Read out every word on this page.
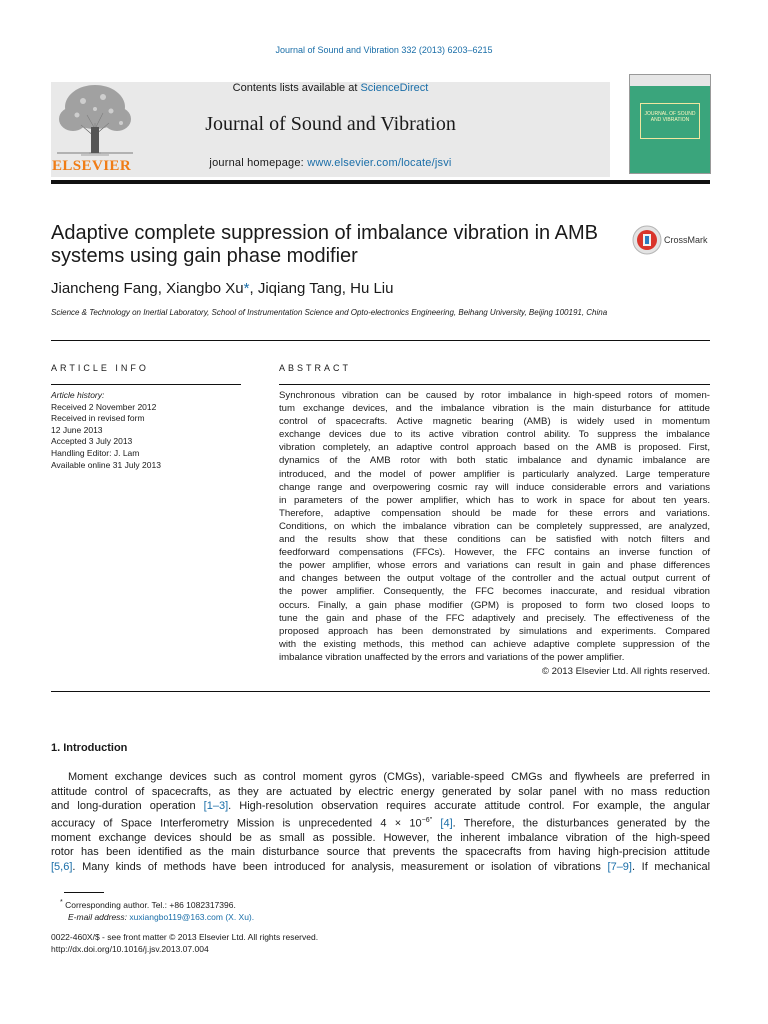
Journal of Sound and Vibration 332 (2013) 6203–6215
Contents lists available at ScienceDirect
Journal of Sound and Vibration
journal homepage: www.elsevier.com/locate/jsvi
ELSEVIER
JOURNAL OF SOUND AND VIBRATION
Adaptive complete suppression of imbalance vibration in AMB systems using gain phase modifier
CrossMark
Jiancheng Fang, Xiangbo Xu*, Jiqiang Tang, Hu Liu
Science & Technology on Inertial Laboratory, School of Instrumentation Science and Opto-electronics Engineering, Beihang University, Beijing 100191, China
ARTICLE INFO
Article history:
Received 2 November 2012
Received in revised form
12 June 2013
Accepted 3 July 2013
Handling Editor: J. Lam
Available online 31 July 2013
ABSTRACT
Synchronous vibration can be caused by rotor imbalance in high-speed rotors of momen-
tum exchange devices, and the imbalance vibration is the main disturbance for attitude
control of spacecrafts. Active magnetic bearing (AMB) is widely used in momentum
exchange devices due to its active vibration control ability. To suppress the imbalance
vibration completely, an adaptive control approach based on the AMB is proposed. First,
dynamics of the AMB rotor with both static imbalance and dynamic imbalance are
introduced, and the model of power amplifier is particularly analyzed. Large temperature
change range and overpowering cosmic ray will induce considerable errors and variations
in parameters of the power amplifier, which has to work in space for about ten years.
Therefore, adaptive compensation should be made for these errors and variations.
Conditions, on which the imbalance vibration can be completely suppressed, are analyzed,
and the results show that these conditions can be satisfied with notch filters and
feedforward compensations (FFCs). However, the FFC contains an inverse function of
the power amplifier, whose errors and variations can result in gain and phase differences
and changes between the output voltage of the controller and the actual output current of
the power amplifier. Consequently, the FFC becomes inaccurate, and residual vibration
occurs. Finally, a gain phase modifier (GPM) is proposed to form two closed loops to
tune the gain and phase of the FFC adaptively and precisely. The effectiveness of the
proposed approach has been demonstrated by simulations and experiments. Compared
with the existing methods, this method can achieve adaptive complete suppression of the
imbalance vibration unaffected by the errors and variations of the power amplifier.
© 2013 Elsevier Ltd. All rights reserved.
1. Introduction
Moment exchange devices such as control moment gyros (CMGs), variable-speed CMGs and flywheels are preferred in
attitude control of spacecrafts, as they are actuated by electric energy generated by solar panel with no mass reduction
and long-duration operation [1–3]. High-resolution observation requires accurate attitude control. For example, the angular
accuracy of Space Interferometry Mission is unprecedented $4 \times 10^{-6''}$ [4]. Therefore, the disturbances generated by the
moment exchange devices should be as small as possible. However, the inherent imbalance vibration of the high-speed
rotor has been identified as the main disturbance source that prevents the spacecrafts from having high-precision attitude
[5,6]. Many kinds of methods have been introduced for analysis, measurement or isolation of vibrations [7–9]. If mechanical
* Corresponding author. Tel.: +86 1082317396.
E-mail address: xuxiangbo119@163.com (X. Xu).
0022-460X/$ - see front matter © 2013 Elsevier Ltd. All rights reserved.
http://dx.doi.org/10.1016/j.jsv.2013.07.004
